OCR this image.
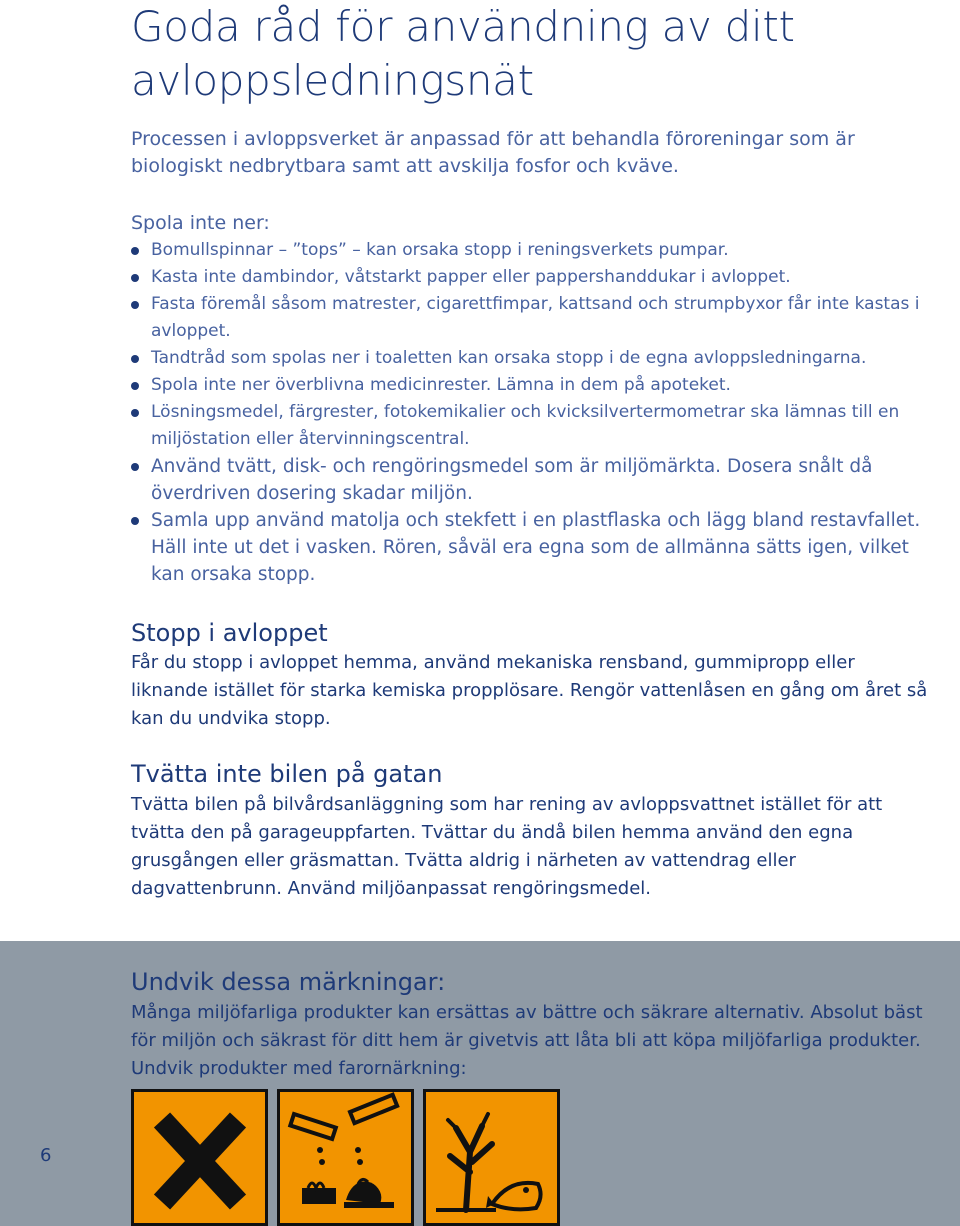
Goda råd för användning av ditt
avloppsledningsnät

Processen i avloppsverket är anpassad för att behandla föroreningar som är biologiskt nedbrytbara samt att avskilja fosfor och kväve.

Spola inte ner:
Bomullspinnar – ”tops” – kan orsaka stopp i reningsverkets pumpar.
Kasta inte dambindor, våtstarkt papper eller pappershanddukar i avloppet.
Fasta föremål såsom matrester, cigarettfimpar, kattsand och strumpbyxor får inte kastas i avloppet.
Tandtråd som spolas ner i toaletten kan orsaka stopp i de egna avloppsledningarna.
Spola inte ner överblivna medicinrester. Lämna in dem på apoteket.
Lösningsmedel, färgrester, fotokemikalier och kvicksilvertermometrar ska lämnas till en miljöstation eller återvinningscentral.
Använd tvätt, disk- och rengöringsmedel som är miljömärkta. Dosera snålt då överdriven dosering skadar miljön.
Samla upp använd matolja och stekfett i en plastflaska och lägg bland restavfallet. Häll inte ut det i vasken. Rören, såväl era egna som de allmänna sätts igen, vilket kan orsaka stopp.
Stopp i avloppet

Får du stopp i avloppet hemma, använd mekaniska rensband, gummipropp eller liknande istället för starka kemiska propplösare. Rengör vattenlåsen en gång om året så kan du undvika stopp.

Tvätta inte bilen på gatan

Tvätta bilen på bilvårdsanläggning som har rening av avloppsvattnet istället för att tvätta den på garageuppfarten. Tvättar du ändå bilen hemma använd den egna grusgången eller gräsmattan. Tvätta aldrig i närheten av vattendrag eller dagvattenbrunn. Använd miljöanpassat rengöringsmedel.

Undvik dessa märkningar:

Många miljöfarliga produkter kan ersättas av bättre och säkrare alternativ. Absolut bäst för miljön och säkrast för ditt hem är givetvis att låta bli att köpa miljöfarliga produkter. Undvik produkter med farornärkning:

6
